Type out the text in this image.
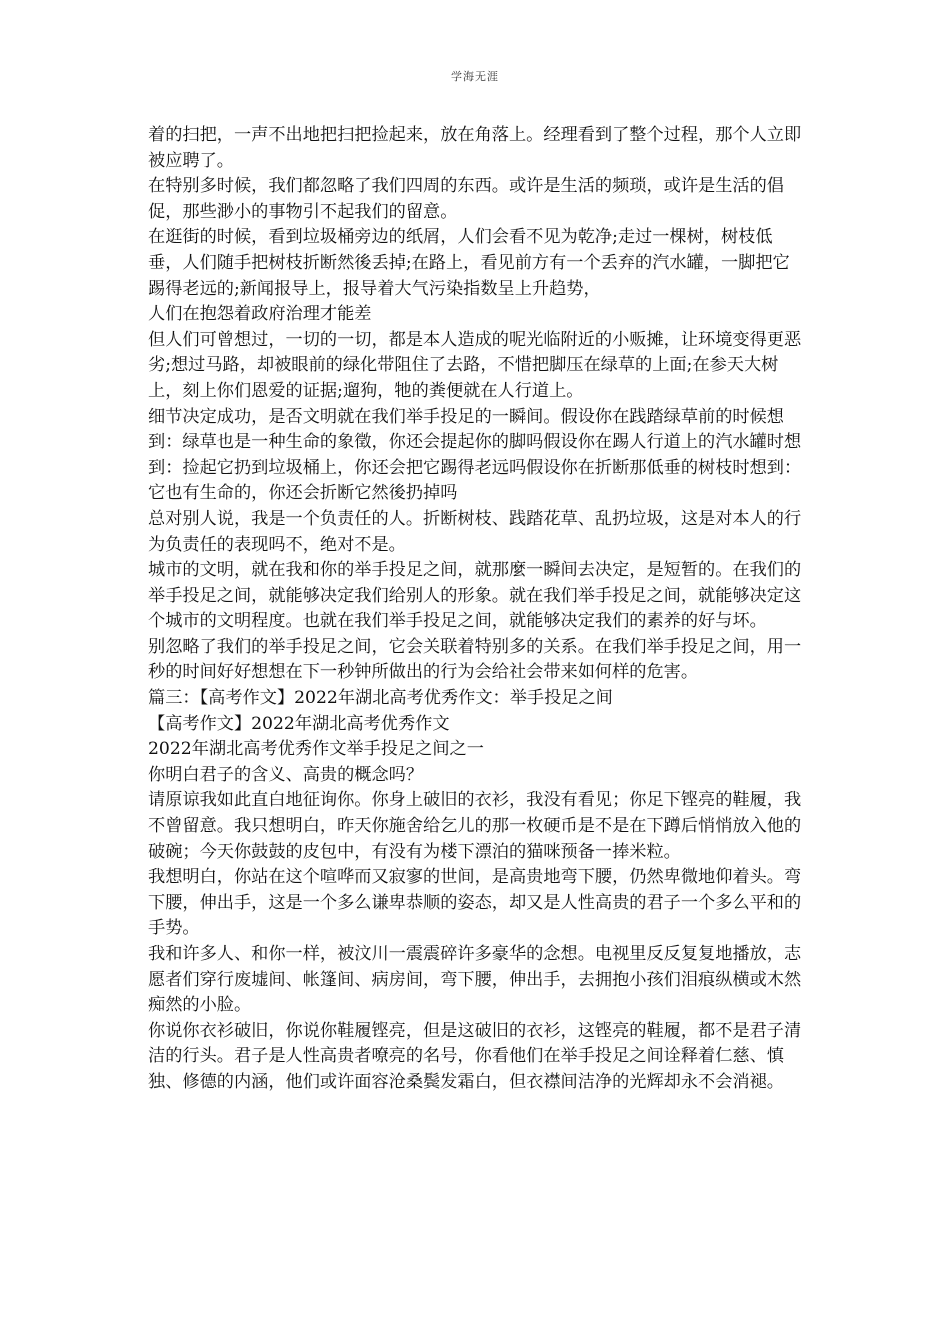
学海无涯

着的扫把，一声不出地把扫把捡起来，放在角落上。经理看到了整个过程，那个人立即被应聘了。

在特别多时候，我们都忽略了我们四周的东西。或许是生活的频琐，或许是生活的倡促，那些渺小的事物引不起我们的留意。

在逛街的时候，看到垃圾桶旁边的纸屑，人们会看不见为乾净;走过一棵树，树枝低垂，人们随手把树枝折断然後丢掉;在路上，看见前方有一个丢弃的汽水罐，一脚把它踢得老远的;新闻报导上，报导着大气污染指数呈上升趋势，

人们在抱怨着政府治理才能差

但人们可曾想过，一切的一切，都是本人造成的呢光临附近的小贩摊，让环境变得更恶劣;想过马路，却被眼前的绿化带阻住了去路，不惜把脚压在绿草的上面;在参天大树上，刻上你们恩爱的证据;遛狗，牠的粪便就在人行道上。

细节决定成功，是否文明就在我们举手投足的一瞬间。假设你在践踏绿草前的时候想到：绿草也是一种生命的象徵，你还会提起你的脚吗假设你在踢人行道上的汽水罐时想到：捡起它扔到垃圾桶上，你还会把它踢得老远吗假设你在折断那低垂的树枝时想到：它也有生命的，你还会折断它然後扔掉吗

总对别人说，我是一个负责任的人。折断树枝、践踏花草、乱扔垃圾，这是对本人的行为负责任的表现吗不，绝对不是。

城市的文明，就在我和你的举手投足之间，就那麼一瞬间去决定，是短暂的。在我们的举手投足之间，就能够决定我们给别人的形象。就在我们举手投足之间，就能够决定这个城市的文明程度。也就在我们举手投足之间，就能够决定我们的素养的好与坏。

别忽略了我们的举手投足之间，它会关联着特别多的关系。在我们举手投足之间，用一秒的时间好好想想在下一秒钟所做出的行为会给社会带来如何样的危害。

篇三：【高考作文】2022年湖北高考优秀作文：举手投足之间

【高考作文】2022年湖北高考优秀作文

2022年湖北高考优秀作文举手投足之间之一

你明白君子的含义、高贵的概念吗？

请原谅我如此直白地征询你。你身上破旧的衣衫，我没有看见；你足下铿亮的鞋履，我不曾留意。我只想明白，昨天你施舍给乞儿的那一枚硬币是不是在下蹲后悄悄放入他的破碗；今天你鼓鼓的皮包中，有没有为楼下漂泊的猫咪预备一捧米粒。

我想明白，你站在这个喧哗而又寂寥的世间，是高贵地弯下腰，仍然卑微地仰着头。弯下腰，伸出手，这是一个多么谦卑恭顺的姿态，却又是人性高贵的君子一个多么平和的手势。

我和许多人、和你一样，被汶川一震震碎许多豪华的念想。电视里反反复复地播放，志愿者们穿行废墟间、帐篷间、病房间，弯下腰，伸出手，去拥抱小孩们泪痕纵横或木然痴然的小脸。

你说你衣衫破旧，你说你鞋履铿亮，但是这破旧的衣衫，这铿亮的鞋履，都不是君子清洁的行头。君子是人性高贵者嘹亮的名号，你看他们在举手投足之间诠释着仁慈、慎独、修德的内涵，他们或许面容沧桑鬓发霜白，但衣襟间洁净的光辉却永不会消褪。
